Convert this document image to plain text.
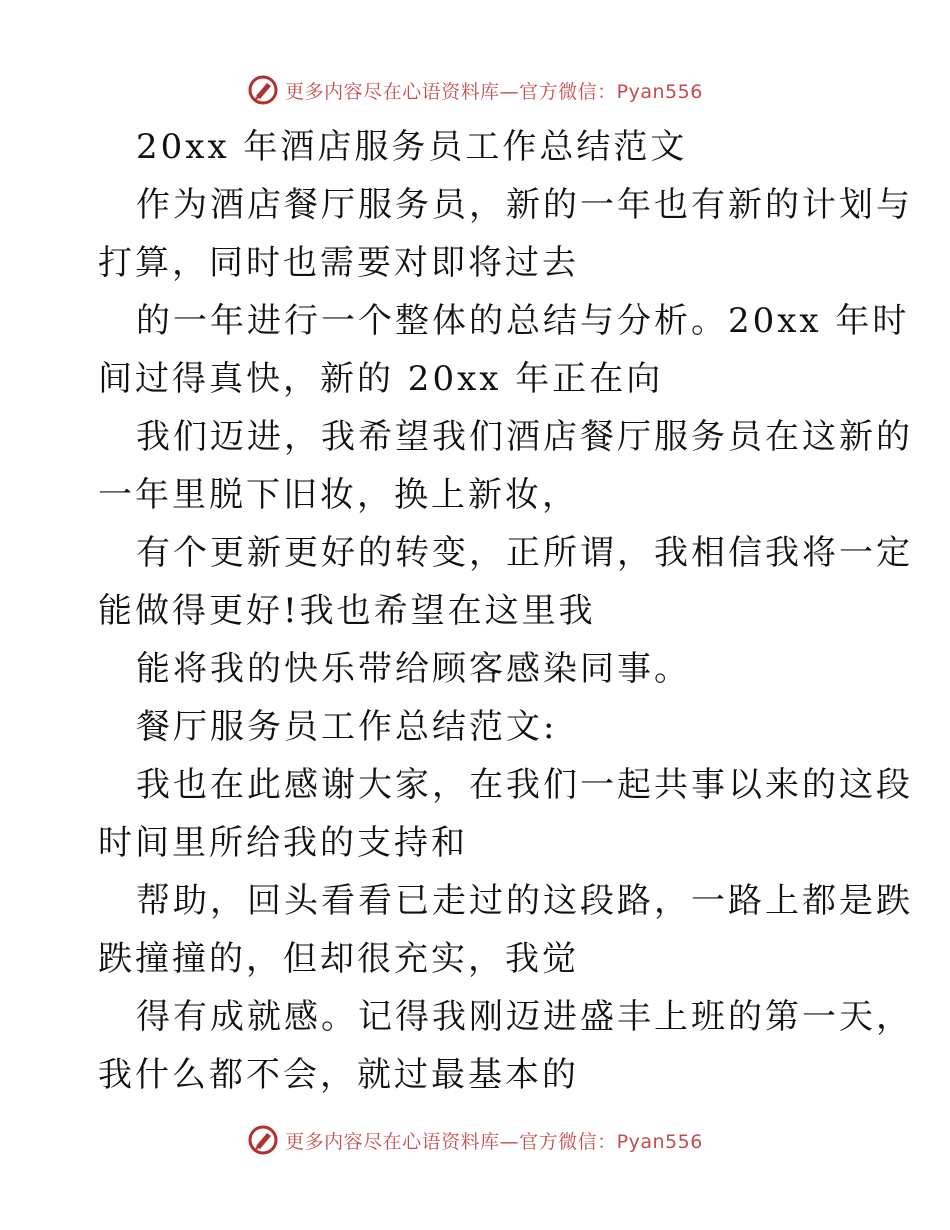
更多内容尽在心语资料库—官方微信：Pyan556
20xx 年酒店服务员工作总结范文
作为酒店餐厅服务员，新的一年也有新的计划与
打算，同时也需要对即将过去
的一年进行一个整体的总结与分析。20xx 年时
间过得真快，新的 20xx 年正在向
我们迈进，我希望我们酒店餐厅服务员在这新的
一年里脱下旧妆，换上新妆，
有个更新更好的转变，正所谓，我相信我将一定
能做得更好!我也希望在这里我
能将我的快乐带给顾客感染同事。
餐厅服务员工作总结范文:
我也在此感谢大家，在我们一起共事以来的这段
时间里所给我的支持和
帮助，回头看看已走过的这段路，一路上都是跌
跌撞撞的，但却很充实，我觉
得有成就感。记得我刚迈进盛丰上班的第一天，
我什么都不会，就过最基本的
更多内容尽在心语资料库—官方微信：Pyan556
